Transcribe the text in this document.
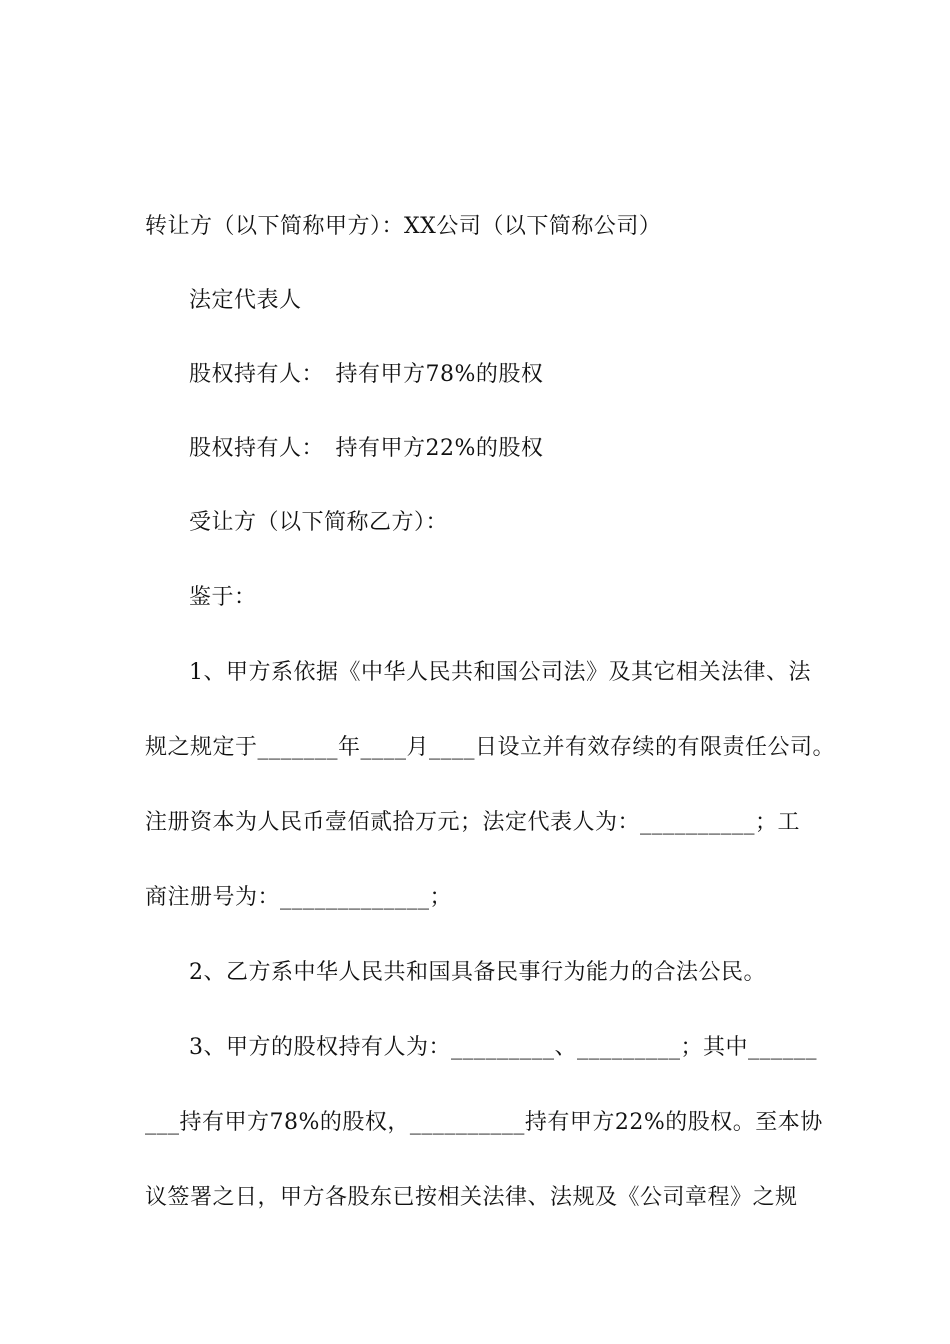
转让方（以下简称甲方）：XX公司（以下简称公司）

法定代表人

股权持有人：　持有甲方78%的股权

股权持有人：　持有甲方22%的股权

受让方（以下简称乙方）：

鉴于：

1、甲方系依据《中华人民共和国公司法》及其它相关法律、法

规之规定于_______年____月____日设立并有效存续的有限责任公司。

注册资本为人民币壹佰贰拾万元；法定代表人为：__________；工

商注册号为：_____________；

2、乙方系中华人民共和国具备民事行为能力的合法公民。

3、甲方的股权持有人为：_________、_________；其中______

___持有甲方78%的股权，__________持有甲方22%的股权。至本协

议签署之日，甲方各股东已按相关法律、法规及《公司章程》之规
